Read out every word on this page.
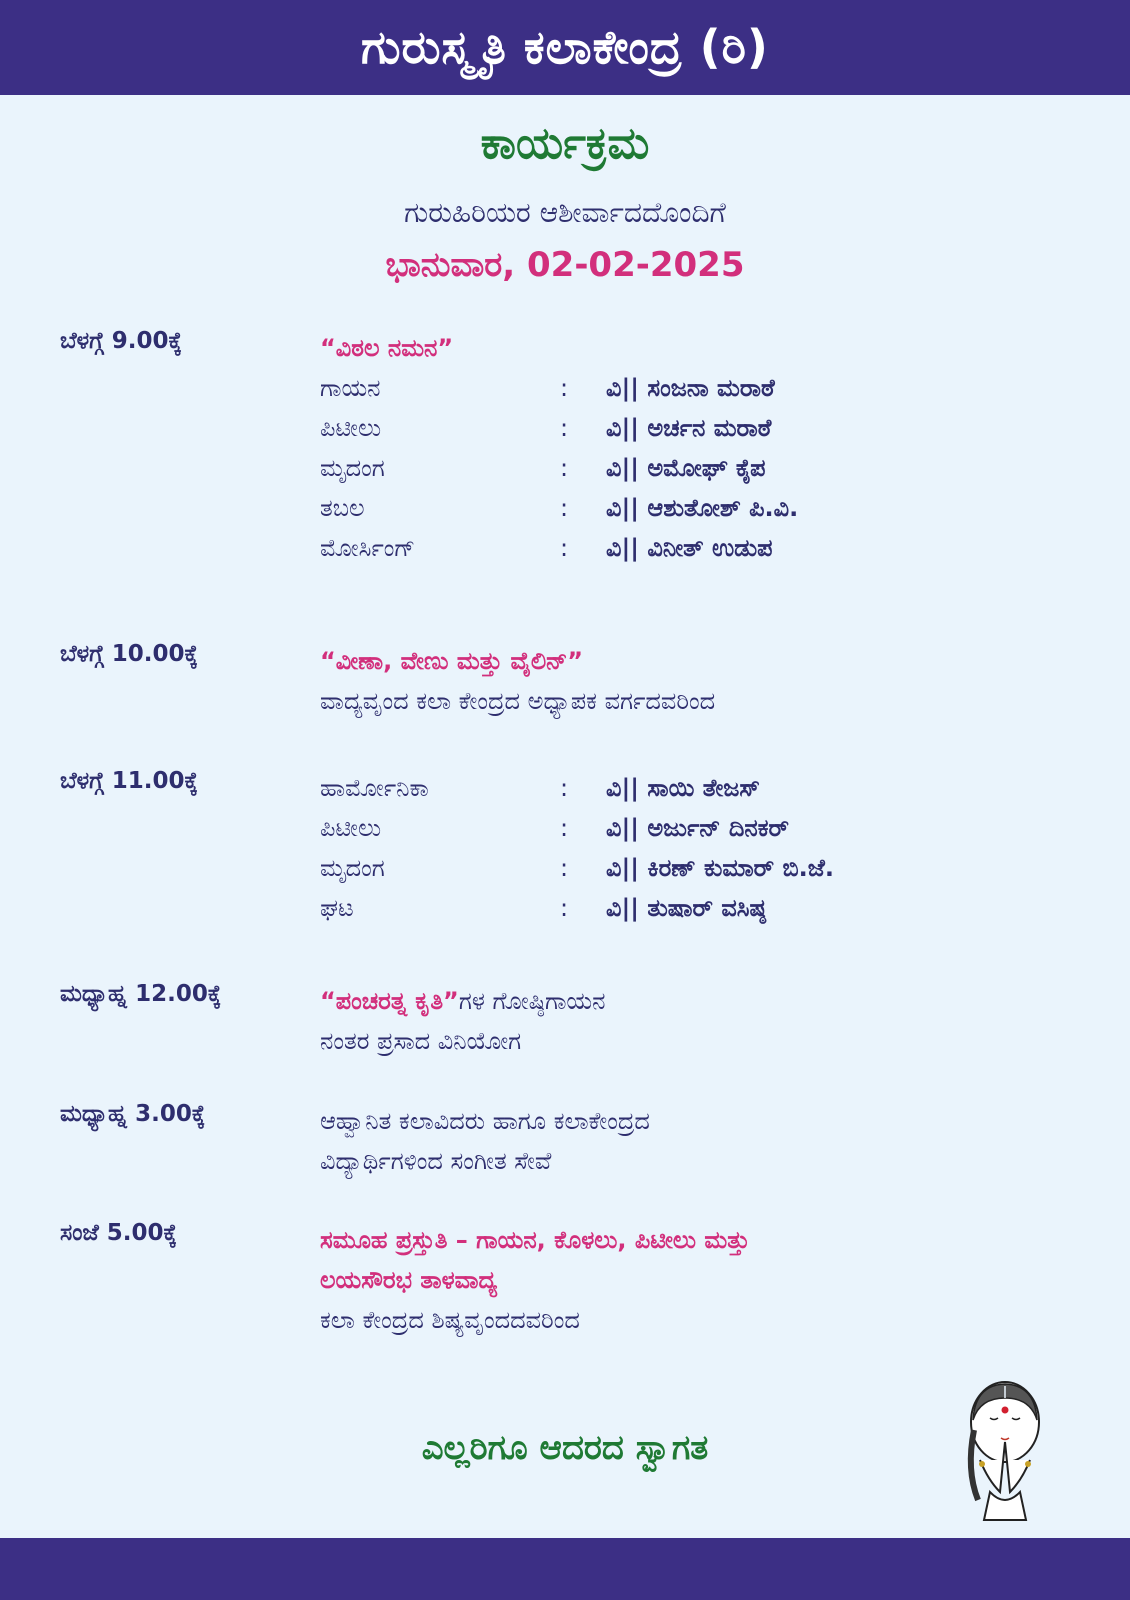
ಗುರುಸ್ಮೃತಿ ಕಲಾಕೇಂದ್ರ (ರಿ)
ಕಾರ್ಯಕ್ರಮ
ಗುರುಹಿರಿಯರ ಆಶೀರ್ವಾದದೊಂದಿಗೆ
ಭಾನುವಾರ, 02-02-2025
ಬೆಳಗ್ಗೆ 9.00ಕ್ಕೆ	“ವಿಠಲ ನಮನ”
ಗಾಯನ	:	ವಿ|| ಸಂಜನಾ ಮರಾಠೆ
ಪಿಟೀಲು	:	ವಿ|| ಅರ್ಚನ ಮರಾಠೆ
ಮೃದಂಗ	:	ವಿ|| ಅಮೋಘ್ ಕೈಪ
ತಬಲ	:	ವಿ|| ಆಶುತೋಶ್ ಪಿ.ವಿ.
ಮೋರ್ಸಿಂಗ್	:	ವಿ|| ವಿನೀತ್ ಉಡುಪ
ಬೆಳಗ್ಗೆ 10.00ಕ್ಕೆ	“ವೀಣಾ, ವೇಣು ಮತ್ತು ವೈಲಿನ್”
ವಾದ್ಯವೃಂದ ಕಲಾ ಕೇಂದ್ರದ ಅಧ್ಯಾಪಕ ವರ್ಗದವರಿಂದ
ಬೆಳಗ್ಗೆ 11.00ಕ್ಕೆ	ಹಾರ್ಮೋನಿಕಾ	:	ವಿ|| ಸಾಯಿ ತೇಜಸ್
ಪಿಟೀಲು	:	ವಿ|| ಅರ್ಜುನ್ ದಿನಕರ್
ಮೃದಂಗ	:	ವಿ|| ಕಿರಣ್ ಕುಮಾರ್ ಬಿ.ಜೆ.
ಘಟ	:	ವಿ|| ತುಷಾರ್ ವಸಿಷ್ಠ
ಮಧ್ಯಾಹ್ನ 12.00ಕ್ಕೆ	“ಪಂಚರತ್ನ ಕೃತಿ”ಗಳ ಗೋಷ್ಠಿಗಾಯನ
ನಂತರ ಪ್ರಸಾದ ವಿನಿಯೋಗ
ಮಧ್ಯಾಹ್ನ 3.00ಕ್ಕೆ	ಆಹ್ವಾನಿತ ಕಲಾವಿದರು ಹಾಗೂ ಕಲಾಕೇಂದ್ರದ
ವಿದ್ಯಾರ್ಥಿಗಳಿಂದ ಸಂಗೀತ ಸೇವೆ
ಸಂಜೆ 5.00ಕ್ಕೆ	ಸಮೂಹ ಪ್ರಸ್ತುತಿ – ಗಾಯನ, ಕೊಳಲು, ಪಿಟೀಲು ಮತ್ತು
ಲಯಸೌರಭ ತಾಳವಾದ್ಯ
ಕಲಾ ಕೇಂದ್ರದ ಶಿಷ್ಯವೃಂದದವರಿಂದ
ಎಲ್ಲರಿಗೂ ಆದರದ ಸ್ವಾಗತ
